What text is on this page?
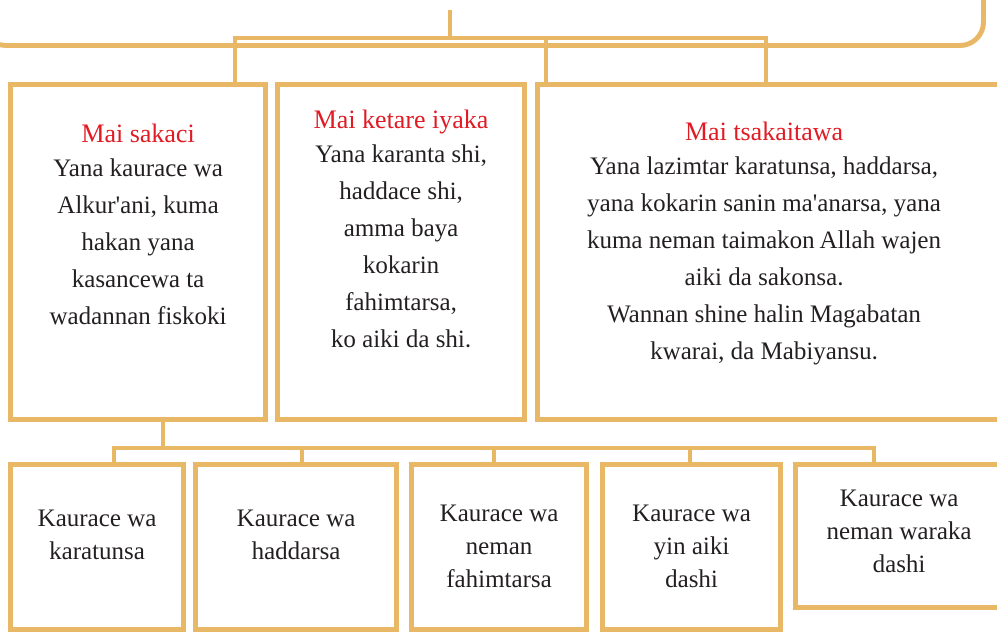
Mai sakaci
Yana kaurace wa
Alkur'ani, kuma
hakan yana
kasancewa ta
wadannan fiskoki
Mai ketare iyaka
Yana karanta shi,
haddace shi,
amma baya
kokarin
fahimtarsa,
ko aiki da shi.
Mai tsakaitawa
Yana lazimtar karatunsa, haddarsa,
yana kokarin sanin ma'anarsa, yana
kuma neman taimakon Allah wajen
aiki da sakonsa.
Wannan shine halin Magabatan
kwarai, da Mabiyansu.
Kaurace wa
karatunsa
Kaurace wa
haddarsa
Kaurace wa
neman
fahimtarsa
Kaurace wa
yin aiki
dashi
Kaurace wa
neman waraka
dashi
